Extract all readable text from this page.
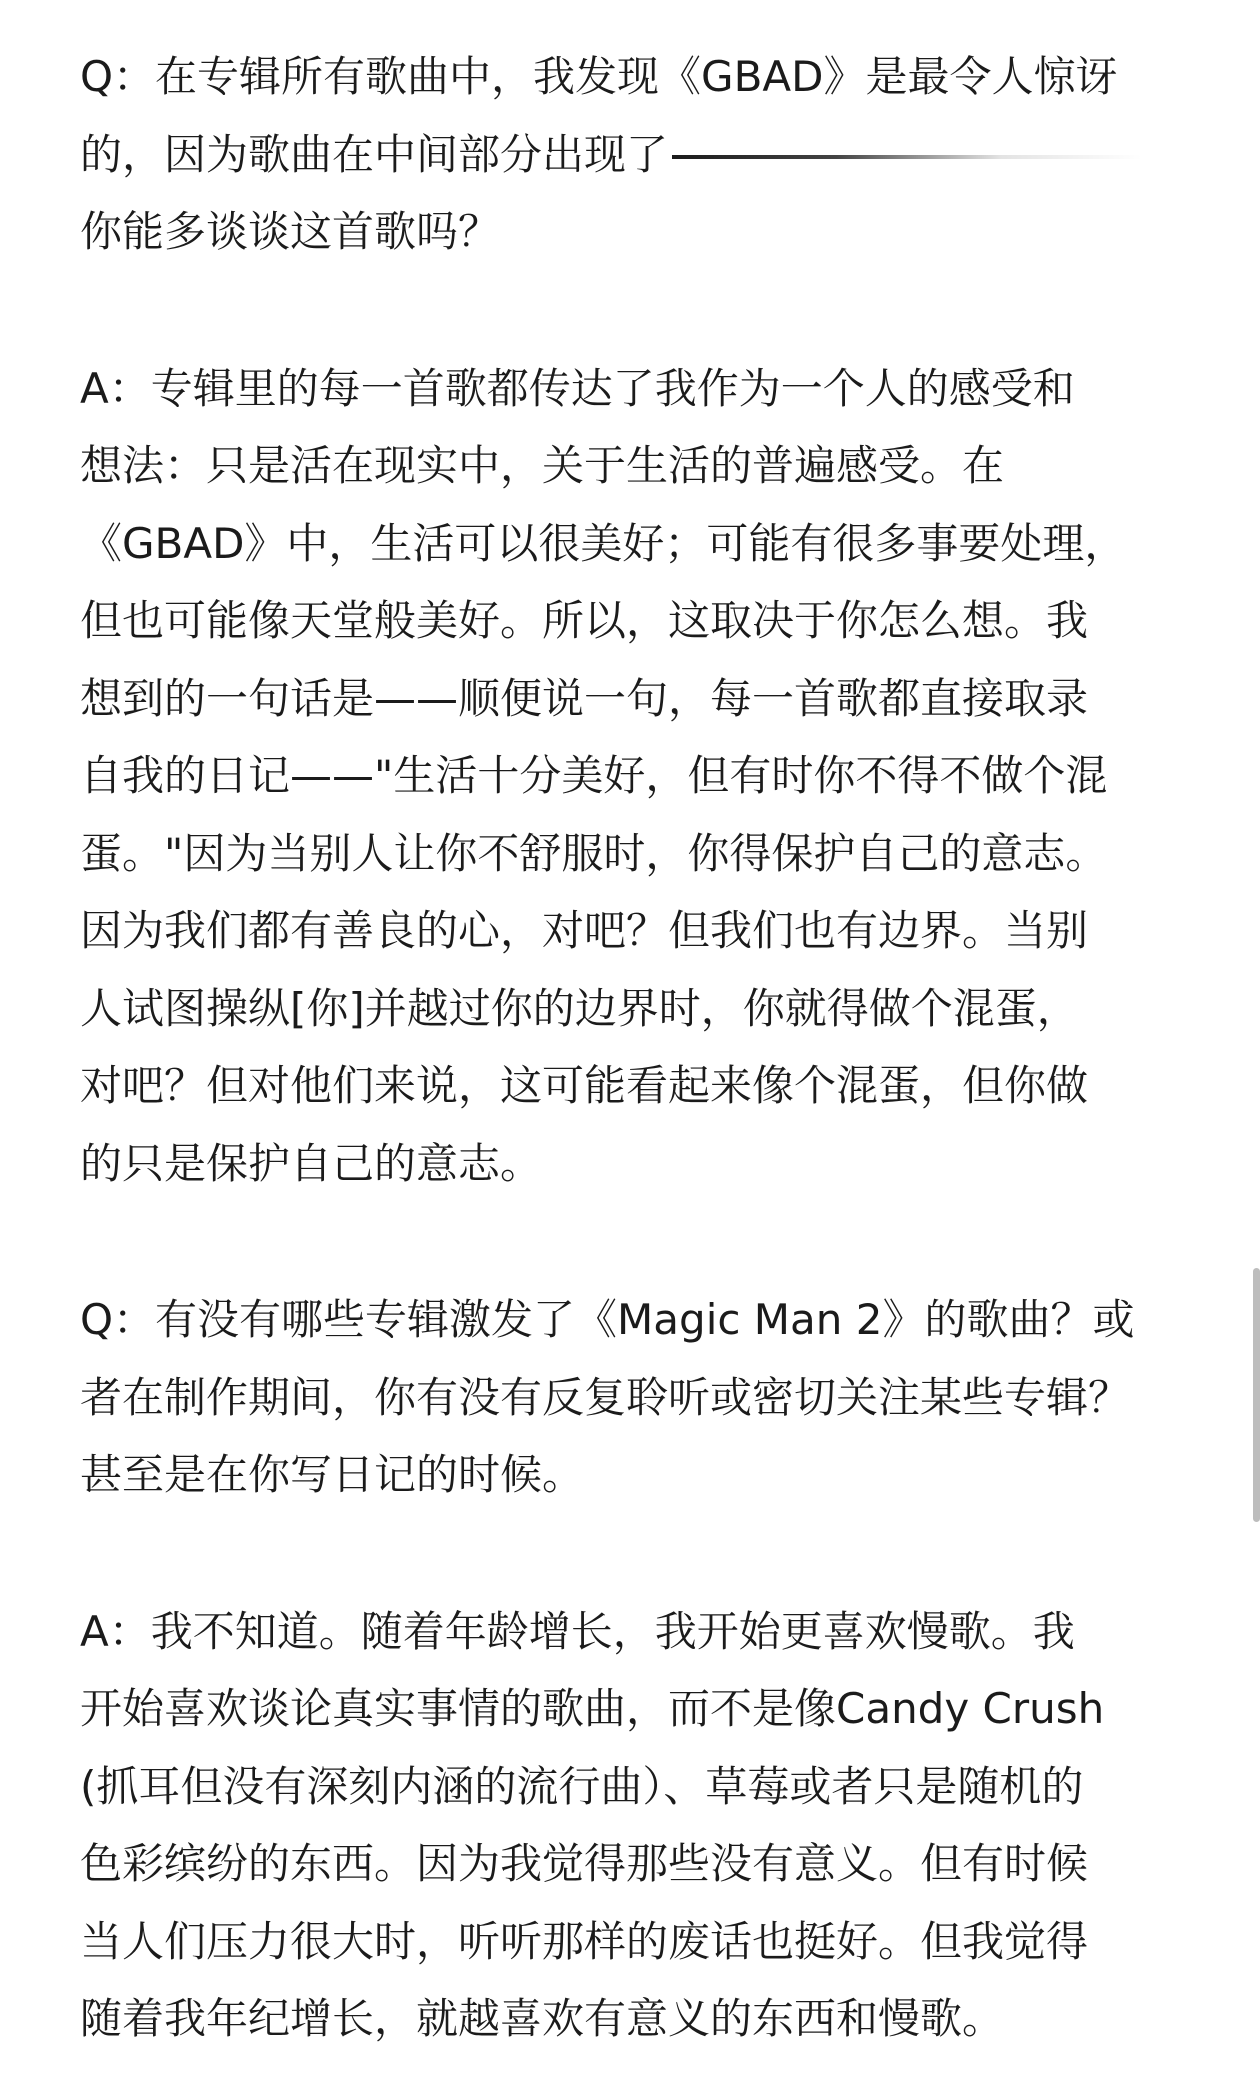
Q：在专辑所有歌曲中，我发现《GBAD》是最令人惊讶
的，因为歌曲在中间部分出现了
你能多谈谈这首歌吗？
A：专辑里的每一首歌都传达了我作为一个人的感受和
想法：只是活在现实中，关于生活的普遍感受。在
《GBAD》中，生活可以很美好；可能有很多事要处理，
但也可能像天堂般美好。所以，这取决于你怎么想。我
想到的一句话是——顺便说一句，每一首歌都直接取录
自我的日记——"生活十分美好，但有时你不得不做个混
蛋。"因为当别人让你不舒服时，你得保护自己的意志。
因为我们都有善良的心，对吧？但我们也有边界。当别
人试图操纵[你]并越过你的边界时，你就得做个混蛋，
对吧？但对他们来说，这可能看起来像个混蛋，但你做
的只是保护自己的意志。
Q：有没有哪些专辑激发了《Magic Man 2》的歌曲？或
者在制作期间，你有没有反复聆听或密切关注某些专辑？
甚至是在你写日记的时候。
A：我不知道。随着年龄增长，我开始更喜欢慢歌。我
开始喜欢谈论真实事情的歌曲，而不是像Candy Crush
(抓耳但没有深刻内涵的流行曲）、草莓或者只是随机的
色彩缤纷的东西。因为我觉得那些没有意义。但有时候
当人们压力很大时，听听那样的废话也挺好。但我觉得
随着我年纪增长，就越喜欢有意义的东西和慢歌。
